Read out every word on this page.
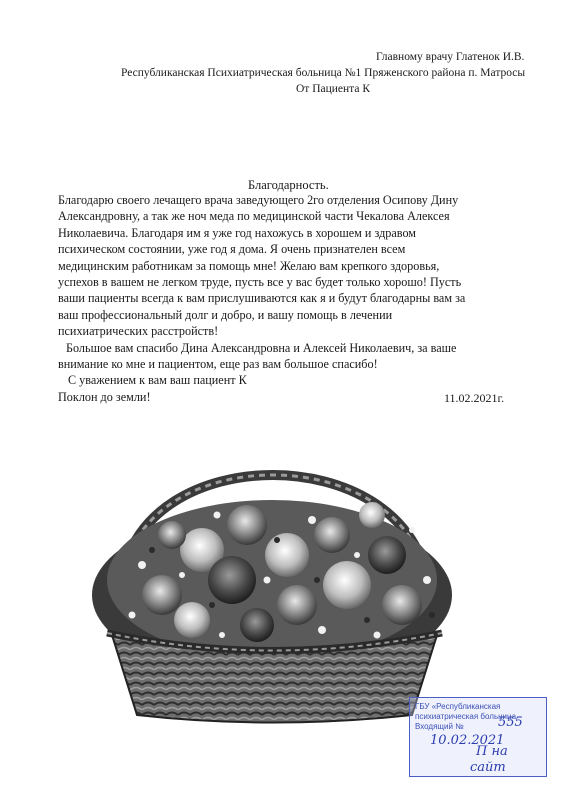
Главному врачу Глатенок И.В.
Республиканская Психиатрическая больница №1 Пряженского района п. Матросы
От Пациента К
Благодарность.

Благодарю своего лечащего врача заведующего 2го отделения Осипову Дину

Александровну, а так же ноч меда по медицинской части Чекалова Алексея

Николаевича. Благодаря им я уже год нахожусь в хорошем и здравом

психическом состоянии, уже год я дома. Я очень признателен всем

медицинским работникам за помощь мне! Желаю вам крепкого здоровья,

успехов в вашем не легком труде, пусть все у вас будет только хорошо! Пусть

ваши пациенты всегда к вам прислушиваются как я и будут благодарны вам за

ваш профессиональный долг и добро, и вашу помощь в лечении

психиатрических расстройств!

Большое вам спасибо Дина Александровна и Алексей Николаевич, за ваше

внимание ко мне и пациентом, еще раз вам большое спасибо!

С уважением к вам ваш пациент К

Поклон до земли!	11.02.2021г.
ГБУ «Республиканская
психиатрическая больница
Входящий №	555
10.02.2021
П на
сайт
